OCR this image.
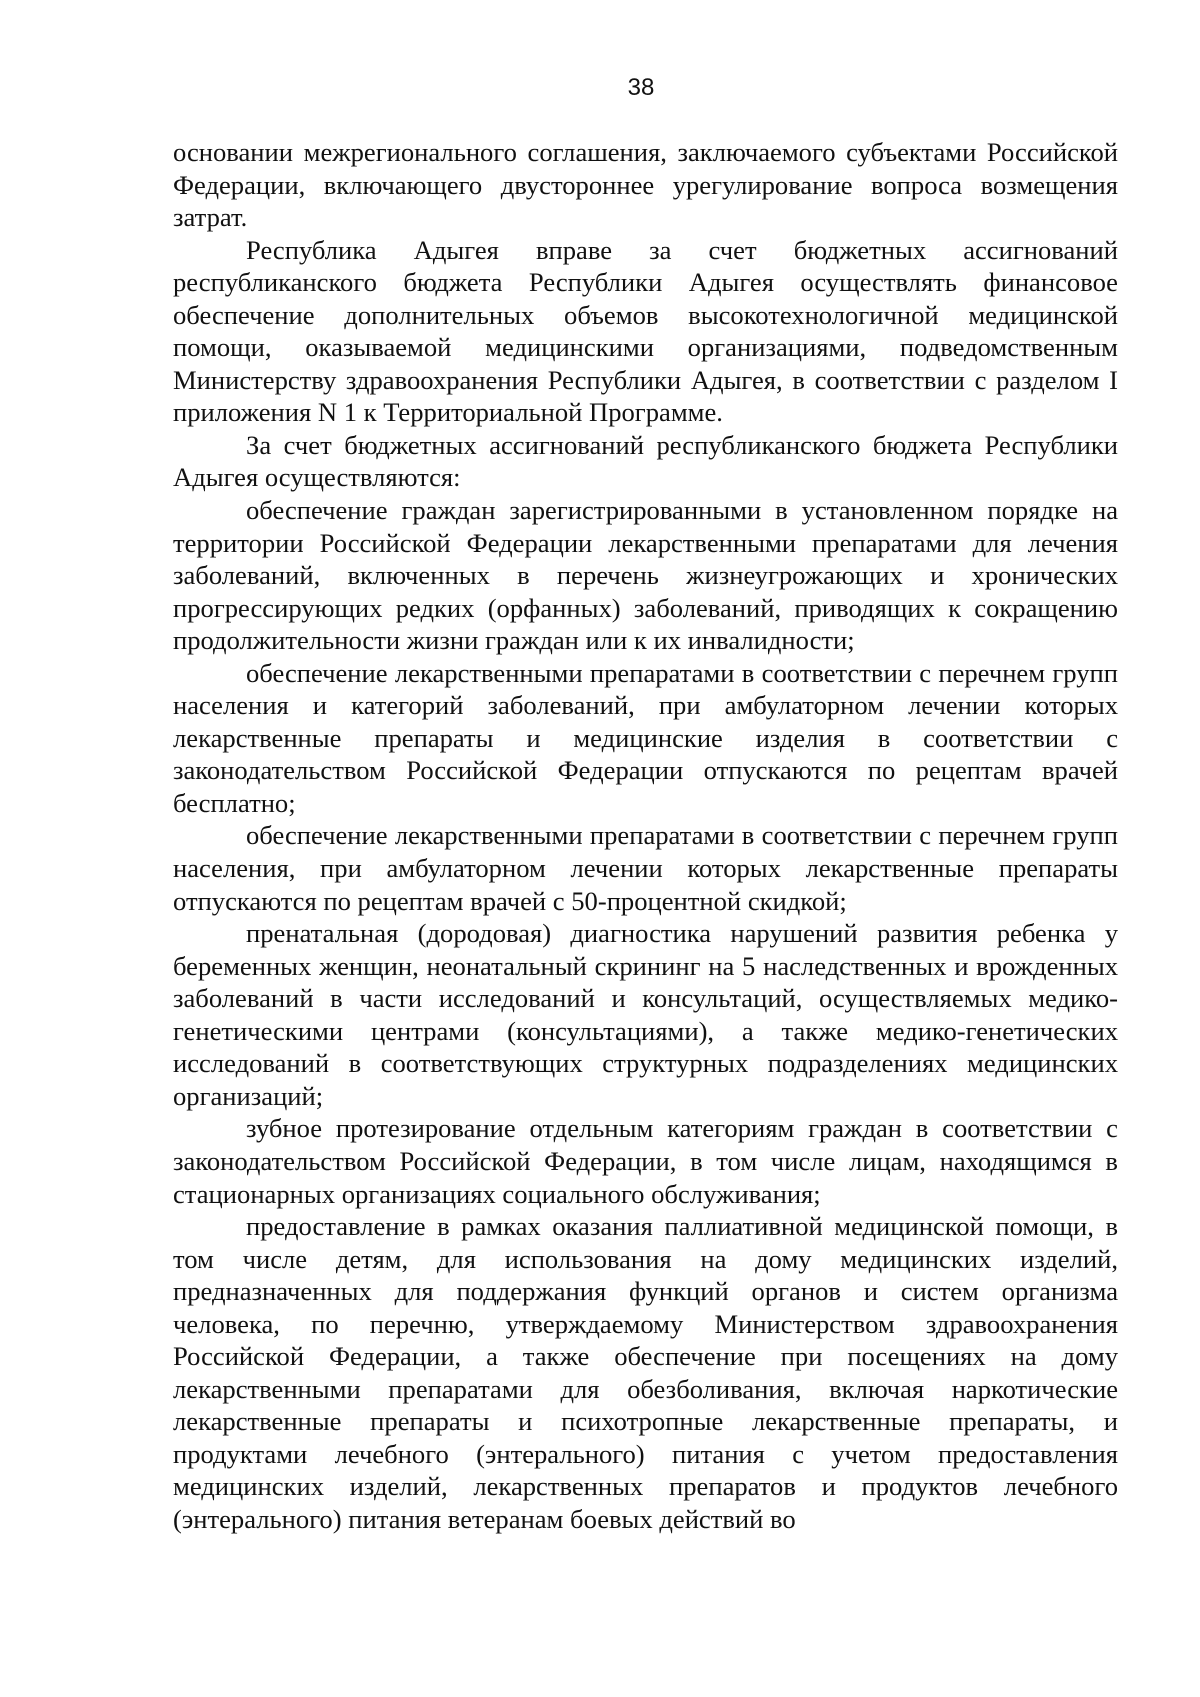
38

основании межрегионального соглашения, заключаемого субъектами Российской Федерации, включающего двустороннее урегулирование вопроса возмещения затрат.

Республика Адыгея вправе за счет бюджетных ассигнований республиканского бюджета Республики Адыгея осуществлять финансовое обеспечение дополнительных объемов высокотехнологичной медицинской помощи, оказываемой медицинскими организациями, подведомственным Министерству здравоохранения Республики Адыгея, в соответствии с разделом I приложения N 1 к Территориальной Программе.

За счет бюджетных ассигнований республиканского бюджета Республики Адыгея осуществляются:

обеспечение граждан зарегистрированными в установленном порядке на территории Российской Федерации лекарственными препаратами для лечения заболеваний, включенных в перечень жизнеугрожающих и хронических прогрессирующих редких (орфанных) заболеваний, приводящих к сокращению продолжительности жизни граждан или к их инвалидности;

обеспечение лекарственными препаратами в соответствии с перечнем групп населения и категорий заболеваний, при амбулаторном лечении которых лекарственные препараты и медицинские изделия в соответствии с законодательством Российской Федерации отпускаются по рецептам врачей бесплатно;

обеспечение лекарственными препаратами в соответствии с перечнем групп населения, при амбулаторном лечении которых лекарственные препараты отпускаются по рецептам врачей с 50-процентной скидкой;

пренатальная (дородовая) диагностика нарушений развития ребенка у беременных женщин, неонатальный скрининг на 5 наследственных и врожденных заболеваний в части исследований и консультаций, осуществляемых медико-генетическими центрами (консультациями), а также медико-генетических исследований в соответствующих структурных подразделениях медицинских организаций;

зубное протезирование отдельным категориям граждан в соответствии с законодательством Российской Федерации, в том числе лицам, находящимся в стационарных организациях социального обслуживания;

предоставление в рамках оказания паллиативной медицинской помощи, в том числе детям, для использования на дому медицинских изделий, предназначенных для поддержания функций органов и систем организма человека, по перечню, утверждаемому Министерством здравоохранения Российской Федерации, а также обеспечение при посещениях на дому лекарственными препаратами для обезболивания, включая наркотические лекарственные препараты и психотропные лекарственные препараты, и продуктами лечебного (энтерального) питания с учетом предоставления медицинских изделий, лекарственных препаратов и продуктов лечебного (энтерального) питания ветеранам боевых действий во
